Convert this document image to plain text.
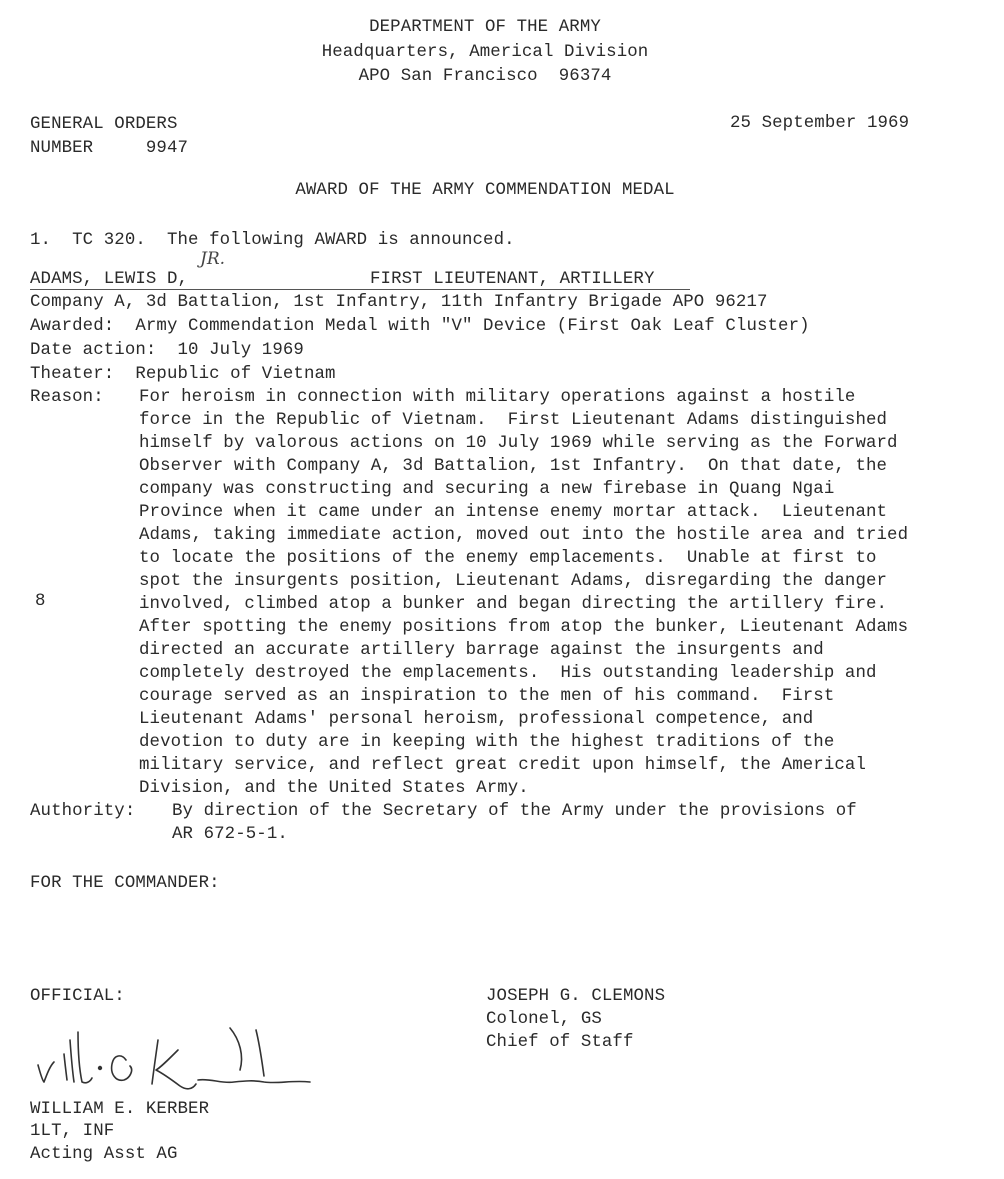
DEPARTMENT OF THE ARMY
Headquarters, Americal Division
APO San Francisco  96374
GENERAL ORDERS
NUMBER     9947
25 September 1969
AWARD OF THE ARMY COMMENDATION MEDAL
1.  TC 320.  The following AWARD is announced.
JR.
ADAMS, LEWIS D,	FIRST LIEUTENANT, ARTILLERY
Company A, 3d Battalion, 1st Infantry, 11th Infantry Brigade APO 96217
Awarded:  Army Commendation Medal with "V" Device (First Oak Leaf Cluster)
Date action:  10 July 1969
Theater:  Republic of Vietnam
Reason:
8
For heroism in connection with military operations against a hostile
force in the Republic of Vietnam.  First Lieutenant Adams distinguished
himself by valorous actions on 10 July 1969 while serving as the Forward
Observer with Company A, 3d Battalion, 1st Infantry.  On that date, the
company was constructing and securing a new firebase in Quang Ngai
Province when it came under an intense enemy mortar attack.  Lieutenant
Adams, taking immediate action, moved out into the hostile area and tried
to locate the positions of the enemy emplacements.  Unable at first to
spot the insurgents position, Lieutenant Adams, disregarding the danger
involved, climbed atop a bunker and began directing the artillery fire.
After spotting the enemy positions from atop the bunker, Lieutenant Adams
directed an accurate artillery barrage against the insurgents and
completely destroyed the emplacements.  His outstanding leadership and
courage served as an inspiration to the men of his command.  First
Lieutenant Adams' personal heroism, professional competence, and
devotion to duty are in keeping with the highest traditions of the
military service, and reflect great credit upon himself, the Americal
Division, and the United States Army.
Authority: By direction of the Secretary of the Army under the provisions of
AR 672-5-1.
FOR THE COMMANDER:
OFFICIAL:
WILLIAM E. KERBER
1LT, INF
Acting Asst AG
JOSEPH G. CLEMONS
Colonel, GS
Chief of Staff
